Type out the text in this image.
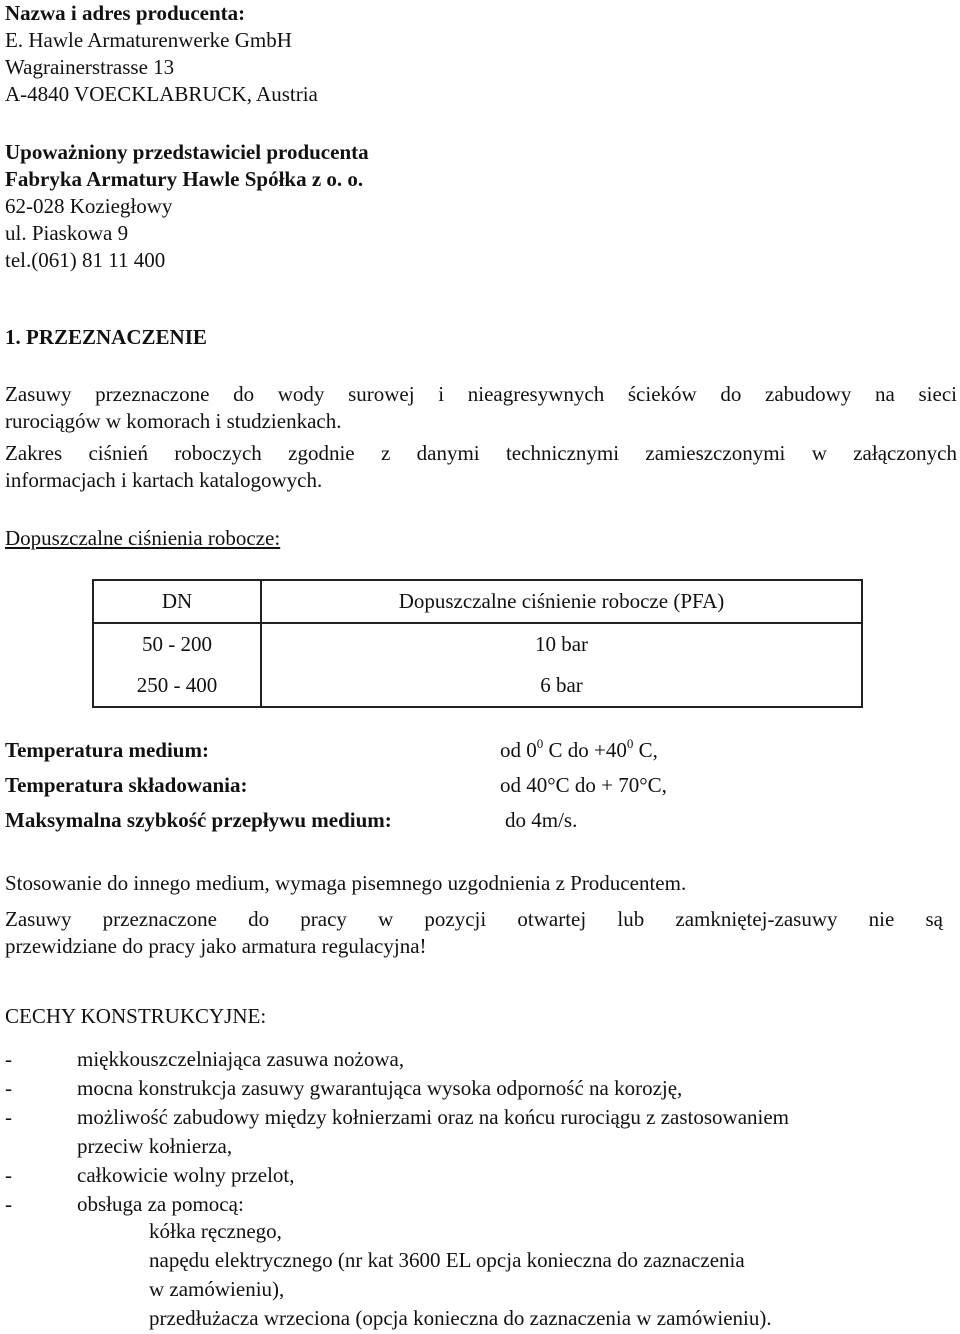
Nazwa i adres producenta:
E. Hawle Armaturenwerke GmbH
Wagrainerstrasse 13
A-4840 VOECKLABRUCK, Austria
Upoważniony przedstawiciel producenta
Fabryka Armatury Hawle Spółka z o. o.
62-028 Koziegłowy
ul. Piaskowa 9
tel.(061) 81 11 400
1. PRZEZNACZENIE
Zasuwy przeznaczone do wody surowej i nieagresywnych ścieków do zabudowy na sieci
rurociągów w komorach i studzienkach.
Zakres ciśnień roboczych zgodnie z danymi technicznymi zamieszczonymi w załączonych
informacjach i kartach katalogowych.
Dopuszczalne ciśnienia robocze:
DN	Dopuszczalne ciśnienie robocze (PFA)
50 - 200	10 bar
250 - 400	6 bar
Temperatura medium:	od $0^0$ C do $+40^0$ C,
Temperatura składowania:	od 40°C do + 70°C,
Maksymalna szybkość przepływu medium:	do 4m/s.
Stosowanie do innego medium, wymaga pisemnego uzgodnienia z Producentem.
Zasuwy przeznaczone do pracy w pozycji otwartej lub zamkniętej-zasuwy nie są
przewidziane do pracy jako armatura regulacyjna!
CECHY KONSTRUKCYJNE:
-	miękkouszczelniająca zasuwa nożowa,
-	mocna konstrukcja zasuwy gwarantująca wysoka odporność na korozję,
-	możliwość zabudowy między kołnierzami oraz na końcu rurociągu z zastosowaniem
przeciw kołnierza,
-	całkowicie wolny przelot,
-	obsługa za pomocą:
kółka ręcznego,
napędu elektrycznego (nr kat 3600 EL opcja konieczna do zaznaczenia
w zamówieniu),
przedłużacza wrzeciona (opcja konieczna do zaznaczenia w zamówieniu).
